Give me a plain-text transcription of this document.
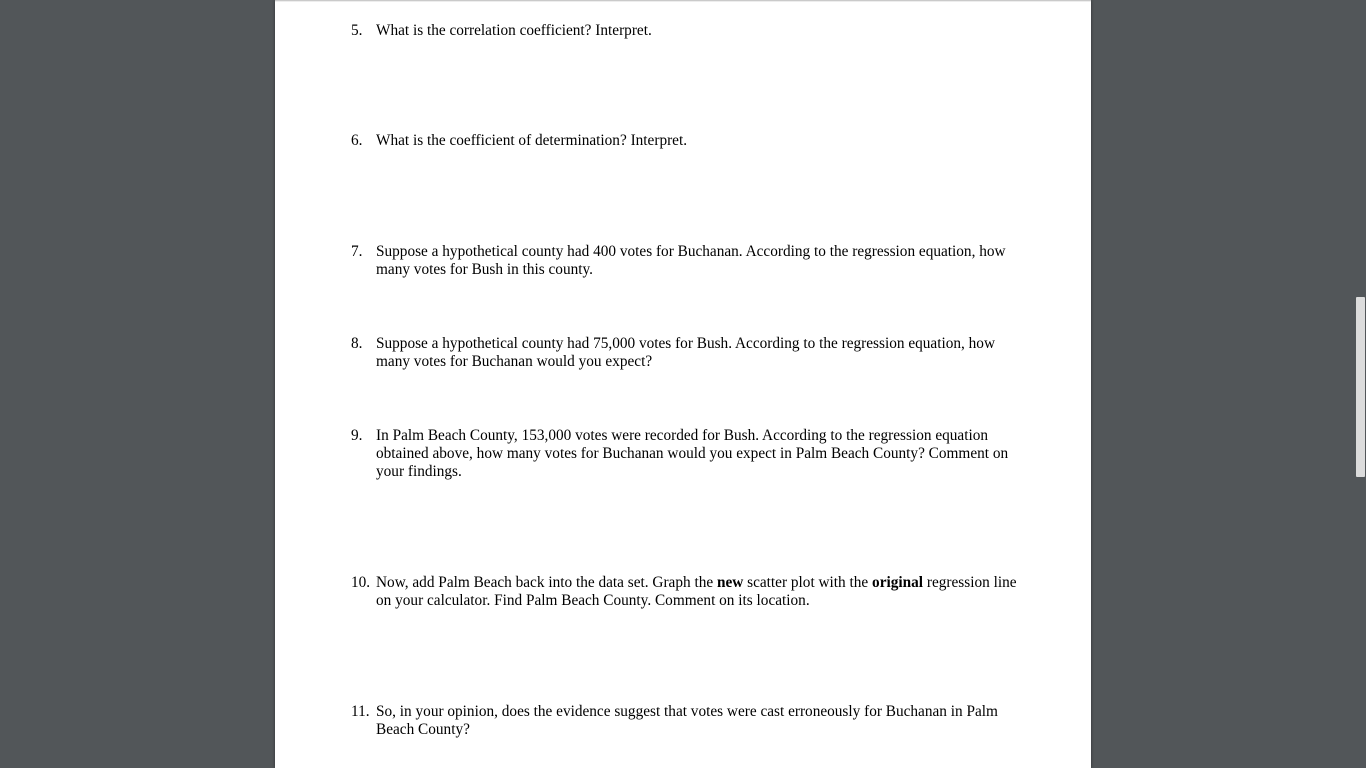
5. What is the correlation coefficient? Interpret.
6. What is the coefficient of determination? Interpret.
7. Suppose a hypothetical county had 400 votes for Buchanan. According to the regression equation, how many votes for Bush in this county.
8. Suppose a hypothetical county had 75,000 votes for Bush. According to the regression equation, how many votes for Buchanan would you expect?
9. In Palm Beach County, 153,000 votes were recorded for Bush. According to the regression equation obtained above, how many votes for Buchanan would you expect in Palm Beach County? Comment on your findings.
10. Now, add Palm Beach back into the data set. Graph the new scatter plot with the original regression line on your calculator. Find Palm Beach County. Comment on its location.
11. So, in your opinion, does the evidence suggest that votes were cast erroneously for Buchanan in Palm Beach County?
